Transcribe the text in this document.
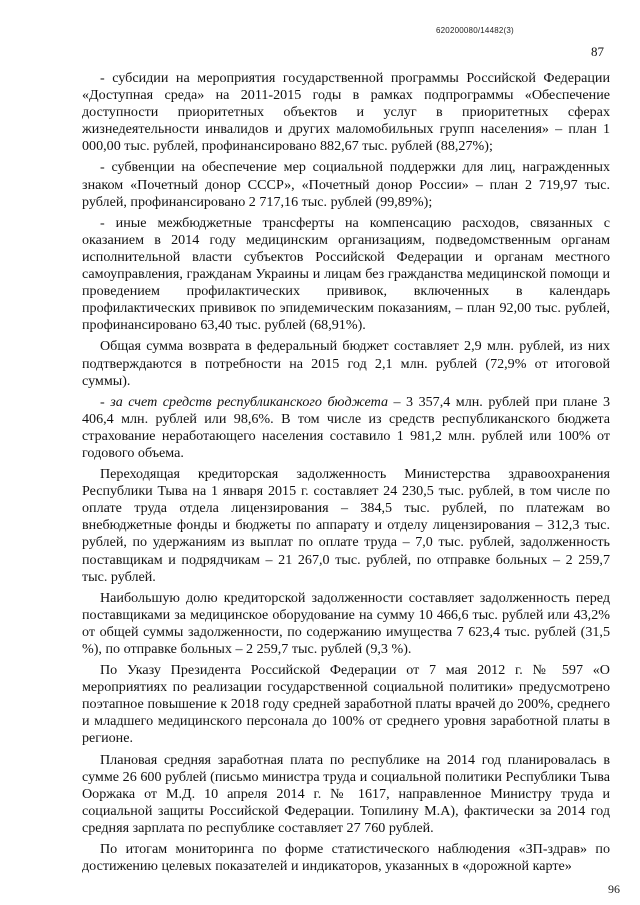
620200080/14482(3)
87

- субсидии на мероприятия государственной программы Российской Федерации «Доступная среда» на 2011-2015 годы в рамках подпрограммы «Обеспечение доступности приоритетных объектов и услуг в приоритетных сферах жизнедеятельности инвалидов и других маломобильных групп населения» – план 1 000,00 тыс. рублей, профинансировано 882,67 тыс. рублей (88,27%);

- субвенции на обеспечение мер социальной поддержки для лиц, награжденных знаком «Почетный донор СССР», «Почетный донор России» – план 2 719,97 тыс. рублей, профинансировано 2 717,16 тыс. рублей (99,89%);

- иные межбюджетные трансферты на компенсацию расходов, связанных с оказанием в 2014 году медицинским организациям, подведомственным органам исполнительной власти субъектов Российской Федерации и органам местного самоуправления, гражданам Украины и лицам без гражданства медицинской помощи и проведением профилактических прививок, включенных в календарь профилактических прививок по эпидемическим показаниям, – план 92,00 тыс. рублей, профинансировано 63,40 тыс. рублей (68,91%).

Общая сумма возврата в федеральный бюджет составляет 2,9 млн. рублей, из них подтверждаются в потребности на 2015 год 2,1 млн. рублей (72,9% от итоговой суммы).

- за счет средств республиканского бюджета – 3 357,4 млн. рублей при плане 3 406,4 млн. рублей или 98,6%. В том числе из средств республиканского бюджета страхование неработающего населения составило 1 981,2 млн. рублей или 100% от годового объема.

Переходящая кредиторская задолженность Министерства здравоохранения Республики Тыва на 1 января 2015 г. составляет 24 230,5 тыс. рублей, в том числе по оплате труда отдела лицензирования – 384,5 тыс. рублей, по платежам во внебюджетные фонды и бюджеты по аппарату и отделу лицензирования – 312,3 тыс. рублей, по удержаниям из выплат по оплате труда – 7,0 тыс. рублей, задолженность поставщикам и подрядчикам – 21 267,0 тыс. рублей, по отправке больных – 2 259,7 тыс. рублей.

Наибольшую долю кредиторской задолженности составляет задолженность перед поставщиками за медицинское оборудование на сумму 10 466,6 тыс. рублей или 43,2% от общей суммы задолженности, по содержанию имущества 7 623,4 тыс. рублей (31,5 %), по отправке больных – 2 259,7 тыс. рублей (9,3 %).

По Указу Президента Российской Федерации от 7 мая 2012 г. № 597 «О мероприятиях по реализации государственной социальной политики» предусмотрено поэтапное повышение к 2018 году средней заработной платы врачей до 200%, среднего и младшего медицинского персонала до 100% от среднего уровня заработной платы в регионе.

Плановая средняя заработная плата по республике на 2014 год планировалась в сумме 26 600 рублей (письмо министра труда и социальной политики Республики Тыва Ооржака от М.Д. 10 апреля 2014 г. № 1617, направленное Министру труда и социальной защиты Российской Федерации. Топилину М.А), фактически за 2014 год средняя зарплата по республике составляет 27 760 рублей.

По итогам мониторинга по форме статистического наблюдения «ЗП-здрав» по достижению целевых показателей и индикаторов, указанных в «дорожной карте»

96
